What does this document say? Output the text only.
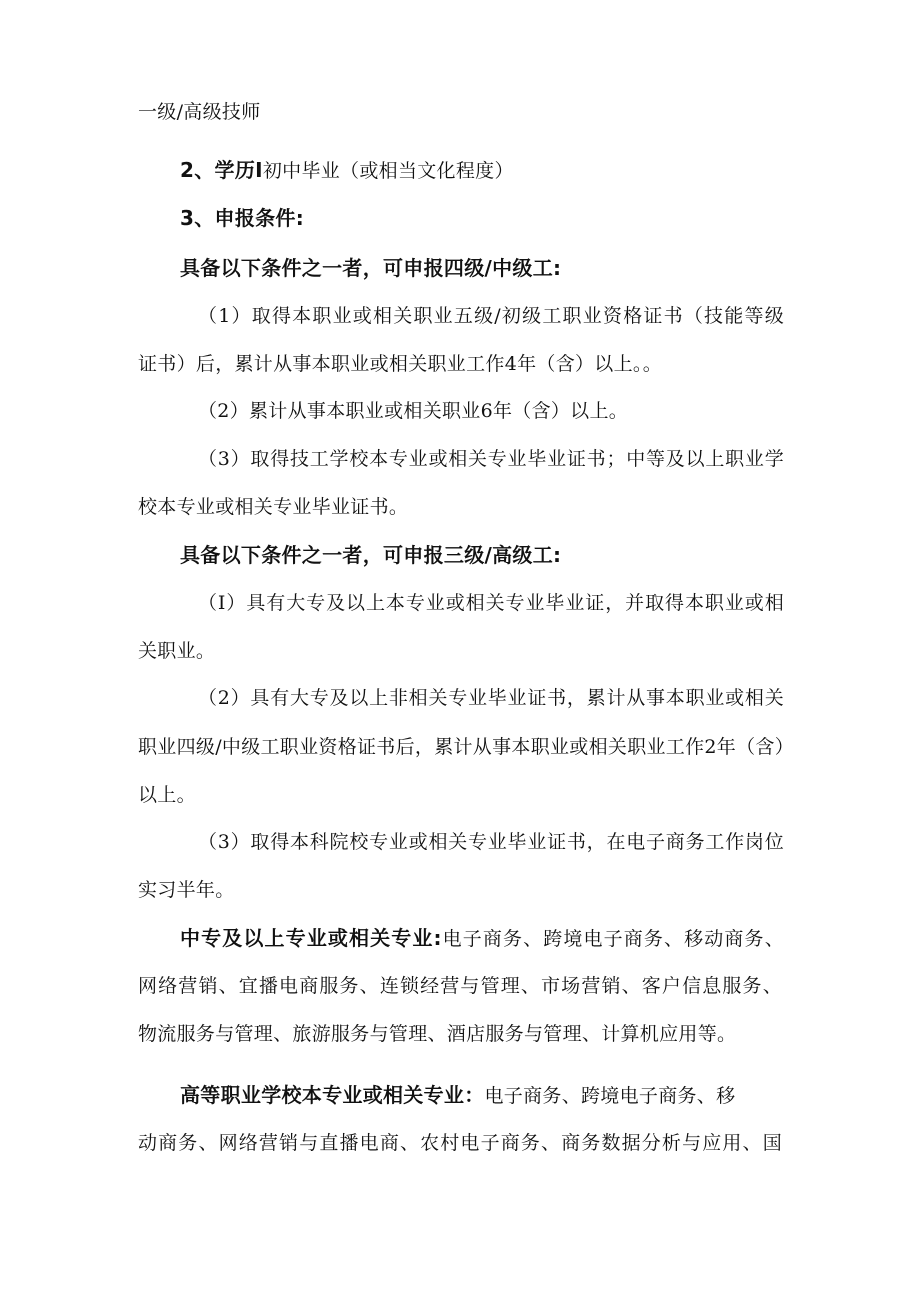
一级/高级技师
2、学历I初中毕业（或相当文化程度）
3、申报条件:
具备以下条件之一者，可申报四级/中级工:
（1）取得本职业或相关职业五级/初级工职业资格证书（技能等级
证书）后，累计从事本职业或相关职业工作4年（含）以上。。
（2）累计从事本职业或相关职业6年（含）以上。
（3）取得技工学校本专业或相关专业毕业证书；中等及以上职业学
校本专业或相关专业毕业证书。
具备以下条件之一者，可申报三级/高级工:
（I）具有大专及以上本专业或相关专业毕业证，并取得本职业或相
关职业。
（2）具有大专及以上非相关专业毕业证书，累计从事本职业或相关
职业四级/中级工职业资格证书后，累计从事本职业或相关职业工作2年（含）
以上。
（3）取得本科院校专业或相关专业毕业证书，在电子商务工作岗位
实习半年。
中专及以上专业或相关专业:电子商务、跨境电子商务、移动商务、
网络营销、宜播电商服务、连锁经营与管理、市场营销、客户信息服务、
物流服务与管理、旅游服务与管理、酒店服务与管理、计算机应用等。
高等职业学校本专业或相关专业：电子商务、跨境电子商务、移
动商务、网络营销与直播电商、农村电子商务、商务数据分析与应用、国
